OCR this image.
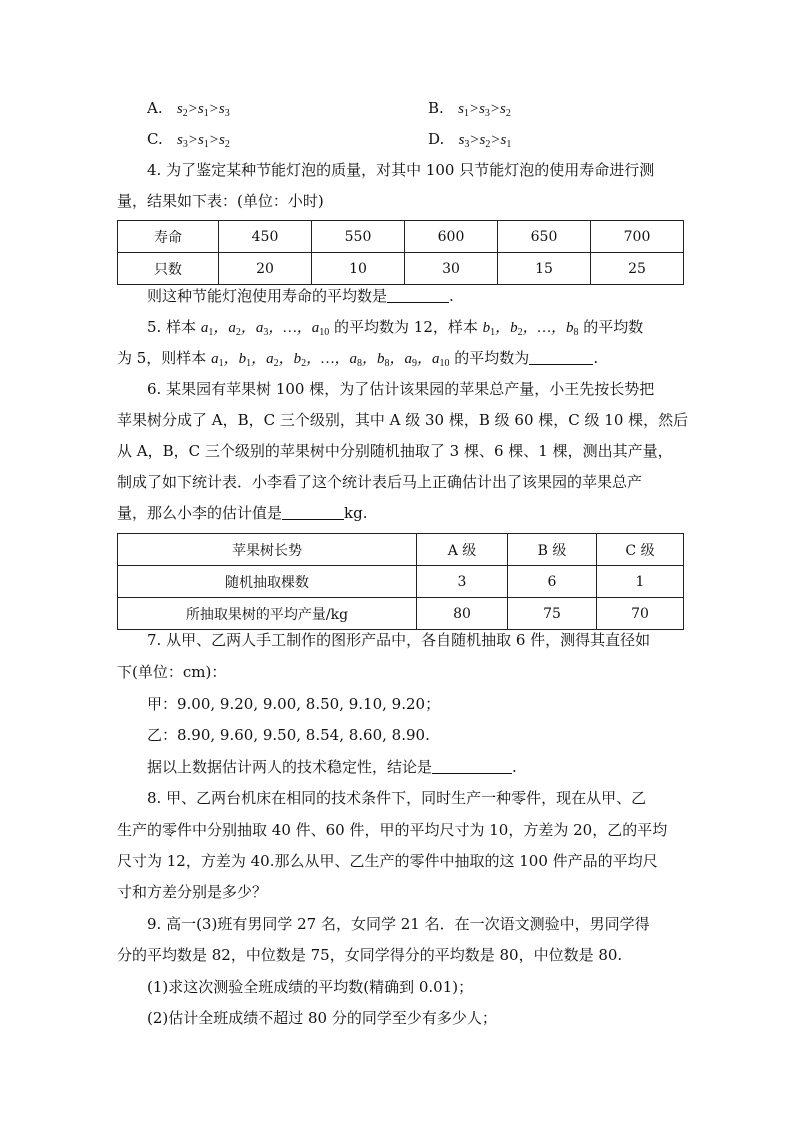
A. $s_2>s_1>s_3$	B. $s_1>s_3>s_2$
C. $s_3>s_1>s_2$	D. $s_3>s_2>s_1$
4. 为了鉴定某种节能灯泡的质量，对其中 100 只节能灯泡的使用寿命进行测
量，结果如下表：(单位：小时)
寿命	450	550	600	650	700
只数	20	10	30	15	25
则这种节能灯泡使用寿命的平均数是	.
5. 样本 $a_1$，$a_2$，$a_3$，…，$a_{10}$ 的平均数为 12，样本 $b_1$，$b_2$，…，$b_8$ 的平均数
为 5，则样本 $a_1$，$b_1$，$a_2$，$b_2$，…，$a_8$，$b_8$，$a_9$，$a_{10}$ 的平均数为	.
6. 某果园有苹果树 100 棵，为了估计该果园的苹果总产量，小王先按长势把
苹果树分成了 A，B，C 三个级别，其中 A 级 30 棵，B 级 60 棵，C 级 10 棵，然后
从 A，B，C 三个级别的苹果树中分别随机抽取了 3 棵、6 棵、1 棵，测出其产量，
制成了如下统计表．小李看了这个统计表后马上正确估计出了该果园的苹果总产
量，那么小李的估计值是	kg.
苹果树长势	A 级	B 级	C 级
随机抽取棵数	3	6	1
所抽取果树的平均产量/kg	80	75	70
7. 从甲、乙两人手工制作的图形产品中，各自随机抽取 6 件，测得其直径如
下(单位：cm)：
甲：9.00, 9.20, 9.00, 8.50, 9.10, 9.20；
乙：8.90, 9.60, 9.50, 8.54, 8.60, 8.90.
据以上数据估计两人的技术稳定性，结论是	.
8. 甲、乙两台机床在相同的技术条件下，同时生产一种零件，现在从甲、乙
生产的零件中分别抽取 40 件、60 件，甲的平均尺寸为 10，方差为 20，乙的平均
尺寸为 12，方差为 40.那么从甲、乙生产的零件中抽取的这 100 件产品的平均尺
寸和方差分别是多少？
9. 高一(3)班有男同学 27 名，女同学 21 名．在一次语文测验中，男同学得
分的平均数是 82，中位数是 75，女同学得分的平均数是 80，中位数是 80.
(1)求这次测验全班成绩的平均数(精确到 0.01)；
(2)估计全班成绩不超过 80 分的同学至少有多少人；
